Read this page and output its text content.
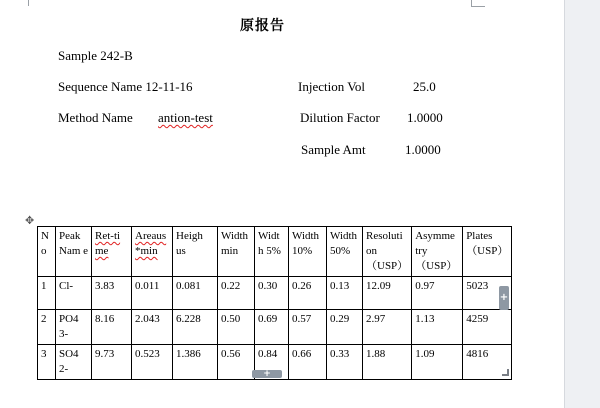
原报告
Sample 242-B
Sequence Name 12-11-16
Method Name antion-test
Injection Vol	25.0
Dilution Factor 1.0000
Sample Amt	1.0000
✥
N o	Peak Nam e	Ret-ti me	Areaus *min	Heigh us	Width min	Widt h 5%	Width 10%	Width 50%	Resoluti on （USP）	Asymme try （USP）	Plates （USP）
1	Cl-	3.83	0.011	0.081	0.22	0.30	0.26	0.13	12.09	0.97	5023
2	PO4 3-	8.16	2.043	6.228	0.50	0.69	0.57	0.29	2.97	1.13	4259
3	SO4 2-	9.73	0.523	1.386	0.56	0.84	0.66	0.33	1.88	1.09	4816
+
+
